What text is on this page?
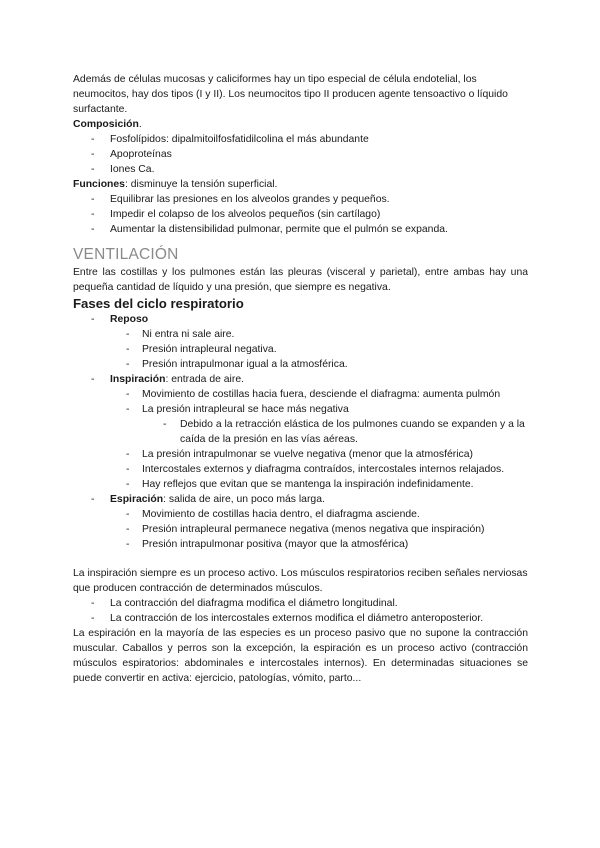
Además de células mucosas y caliciformes hay un tipo especial de célula endotelial, los neumocitos, hay dos tipos (I y II). Los neumocitos tipo II producen agente tensoactivo o líquido surfactante.

Composición.

- Fosfolípidos: dipalmitoilfosfatidilcolina el más abundante
- Apoproteínas
- Iones Ca.

Funciones: disminuye la tensión superficial.

- Equilibrar las presiones en los alveolos grandes y pequeños.
- Impedir el colapso de los alveolos pequeños (sin cartílago)
- Aumentar la distensibilidad pulmonar, permite que el pulmón se expanda.
VENTILACIÓN

Entre las costillas y los pulmones están las pleuras (visceral y parietal), entre ambas hay una pequeña cantidad de líquido y una presión, que siempre es negativa.

Fases del ciclo respiratorio
- Reposo
- Ni entra ni sale aire.
- Presión intrapleural negativa.
- Presión intrapulmonar igual a la atmosférica.
- Inspiración: entrada de aire.
- Movimiento de costillas hacia fuera, desciende el diafragma: aumenta pulmón
- La presión intrapleural se hace más negativa
- Debido a la retracción elástica de los pulmones cuando se expanden y a la caída de la presión en las vías aéreas.
- La presión intrapulmonar se vuelve negativa (menor que la atmosférica)
- Intercostales externos y diafragma contraídos, intercostales internos relajados.
- Hay reflejos que evitan que se mantenga la inspiración indefinidamente.
- Espiración: salida de aire, un poco más larga.
- Movimiento de costillas hacia dentro, el diafragma asciende.
- Presión intrapleural permanece negativa (menos negativa que inspiración)
- Presión intrapulmonar positiva (mayor que la atmosférica)

La inspiración siempre es un proceso activo. Los músculos respiratorios reciben señales nerviosas que producen contracción de determinados músculos.

- La contracción del diafragma modifica el diámetro longitudinal.
- La contracción de los intercostales externos modifica el diámetro anteroposterior.

La espiración en la mayoría de las especies es un proceso pasivo que no supone la contracción muscular. Caballos y perros son la excepción, la espiración es un proceso activo (contracción músculos espiratorios: abdominales e intercostales internos). En determinadas situaciones se puede convertir en activa: ejercicio, patologías, vómito, parto...
